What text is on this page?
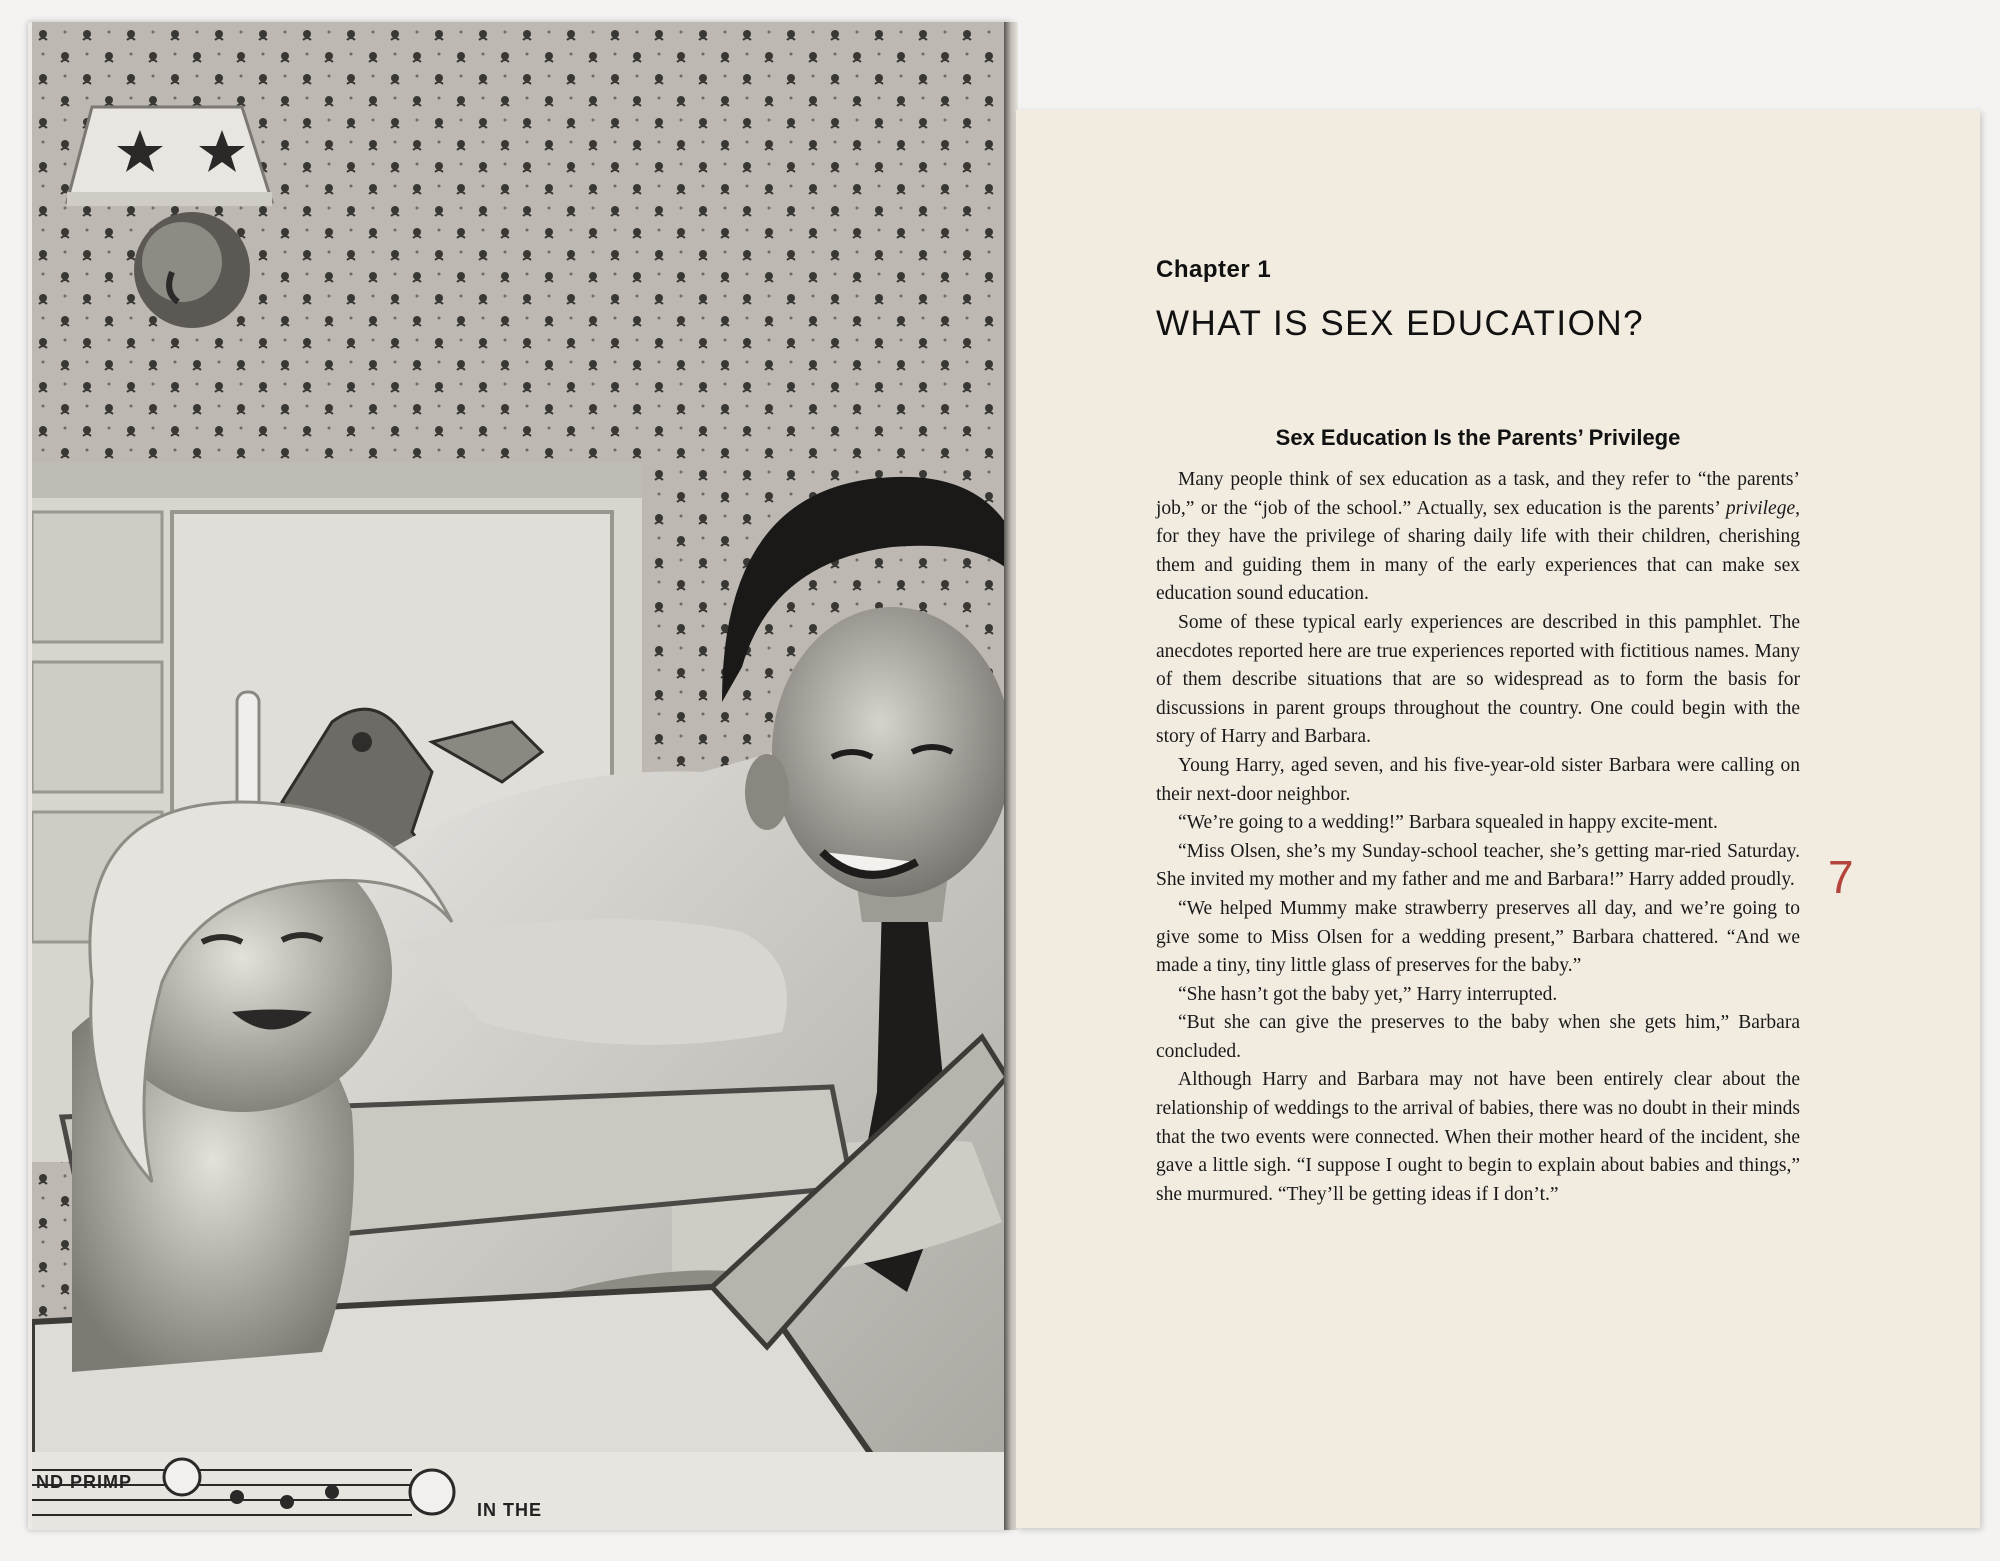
ND PRIMP
IN THE
Chapter 1
WHAT IS SEX EDUCATION?
Sex Education Is the Parents’ Privilege

Many people think of sex education as a task, and they refer to “the parents’ job,” or the “job of the school.” Actually, sex education is the parents’ privilege, for they have the privilege of sharing daily life with their children, cherishing them and guiding them in many of the early experiences that can make sex education sound education.

Some of these typical early experiences are described in this pamphlet. The anecdotes reported here are true experiences reported with fictitious names. Many of them describe situations that are so widespread as to form the basis for discussions in parent groups throughout the country. One could begin with the story of Harry and Barbara.

Young Harry, aged seven, and his five-year-old sister Barbara were calling on their next-door neighbor.

“We’re going to a wedding!” Barbara squealed in happy excite-ment.

“Miss Olsen, she’s my Sunday-school teacher, she’s getting mar-ried Saturday. She invited my mother and my father and me and Barbara!” Harry added proudly.

“We helped Mummy make strawberry preserves all day, and we’re going to give some to Miss Olsen for a wedding present,” Barbara chattered. “And we made a tiny, tiny little glass of preserves for the baby.”

“She hasn’t got the baby yet,” Harry interrupted.

“But she can give the preserves to the baby when she gets him,” Barbara concluded.

Although Harry and Barbara may not have been entirely clear about the relationship of weddings to the arrival of babies, there was no doubt in their minds that the two events were connected. When their mother heard of the incident, she gave a little sigh. “I suppose I ought to begin to explain about babies and things,” she murmured. “They’ll be getting ideas if I don’t.”

7
